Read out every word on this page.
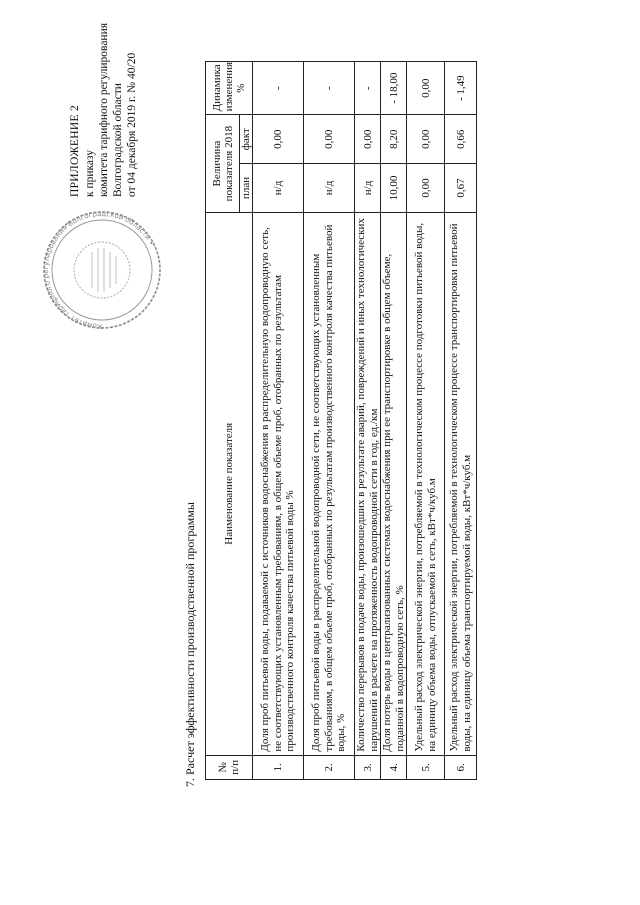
Комитет тарифного регулирования Волгоградской области ∙
ПРИЛОЖЕНИЕ 2 к приказу комитета тарифного регулирования Волгоградской области от 04 декабря 2019 г. № 40/20
7. Расчет эффективности производственной программы № п/п	Наименование показателя	Величина показателя 2018		Динамика изменения %
		план	факт	
1.	Доля проб питьевой воды, подаваемой с источников водоснабжения в распределительную водопроводную сеть, не соответствующих установленным требованиям, в общем объеме проб, отобранных по результатам производственного контроля качества питьевой воды %	н/д	0,00	-
2.	Доля проб питьевой воды в распределительной водопроводной сети, не соответствующих установленным требованиям, в общем объеме проб, отобранных по результатам производственного контроля качества питьевой воды, %	н/д	0,00	-
3.	Количество перерывов в подаче воды, произошедших в результате аварий, повреждений и иных технологических нарушений в расчете на протяженность водопроводной сети в год, ед./км	н/д	0,00	-
4.	Доля потерь воды в централизованных системах водоснабжения при ее транспортировке в общем объеме, поданной в водопроводную сеть, %	10,00	8,20	- 18,00
5.	Удельный расход электрической энергии, потребляемой в технологическом процессе подготовки питьевой воды, на единицу объема воды, отпускаемой в сеть, кВт*ч/куб.м	0,00	0,00	0,00
6.	Удельный расход электрической энергии, потребляемой в технологическом процессе транспортировки питьевой воды, на единицу объема транспортируемой воды, кВт*ч/куб.м	0,67	0,66	- 1,49
